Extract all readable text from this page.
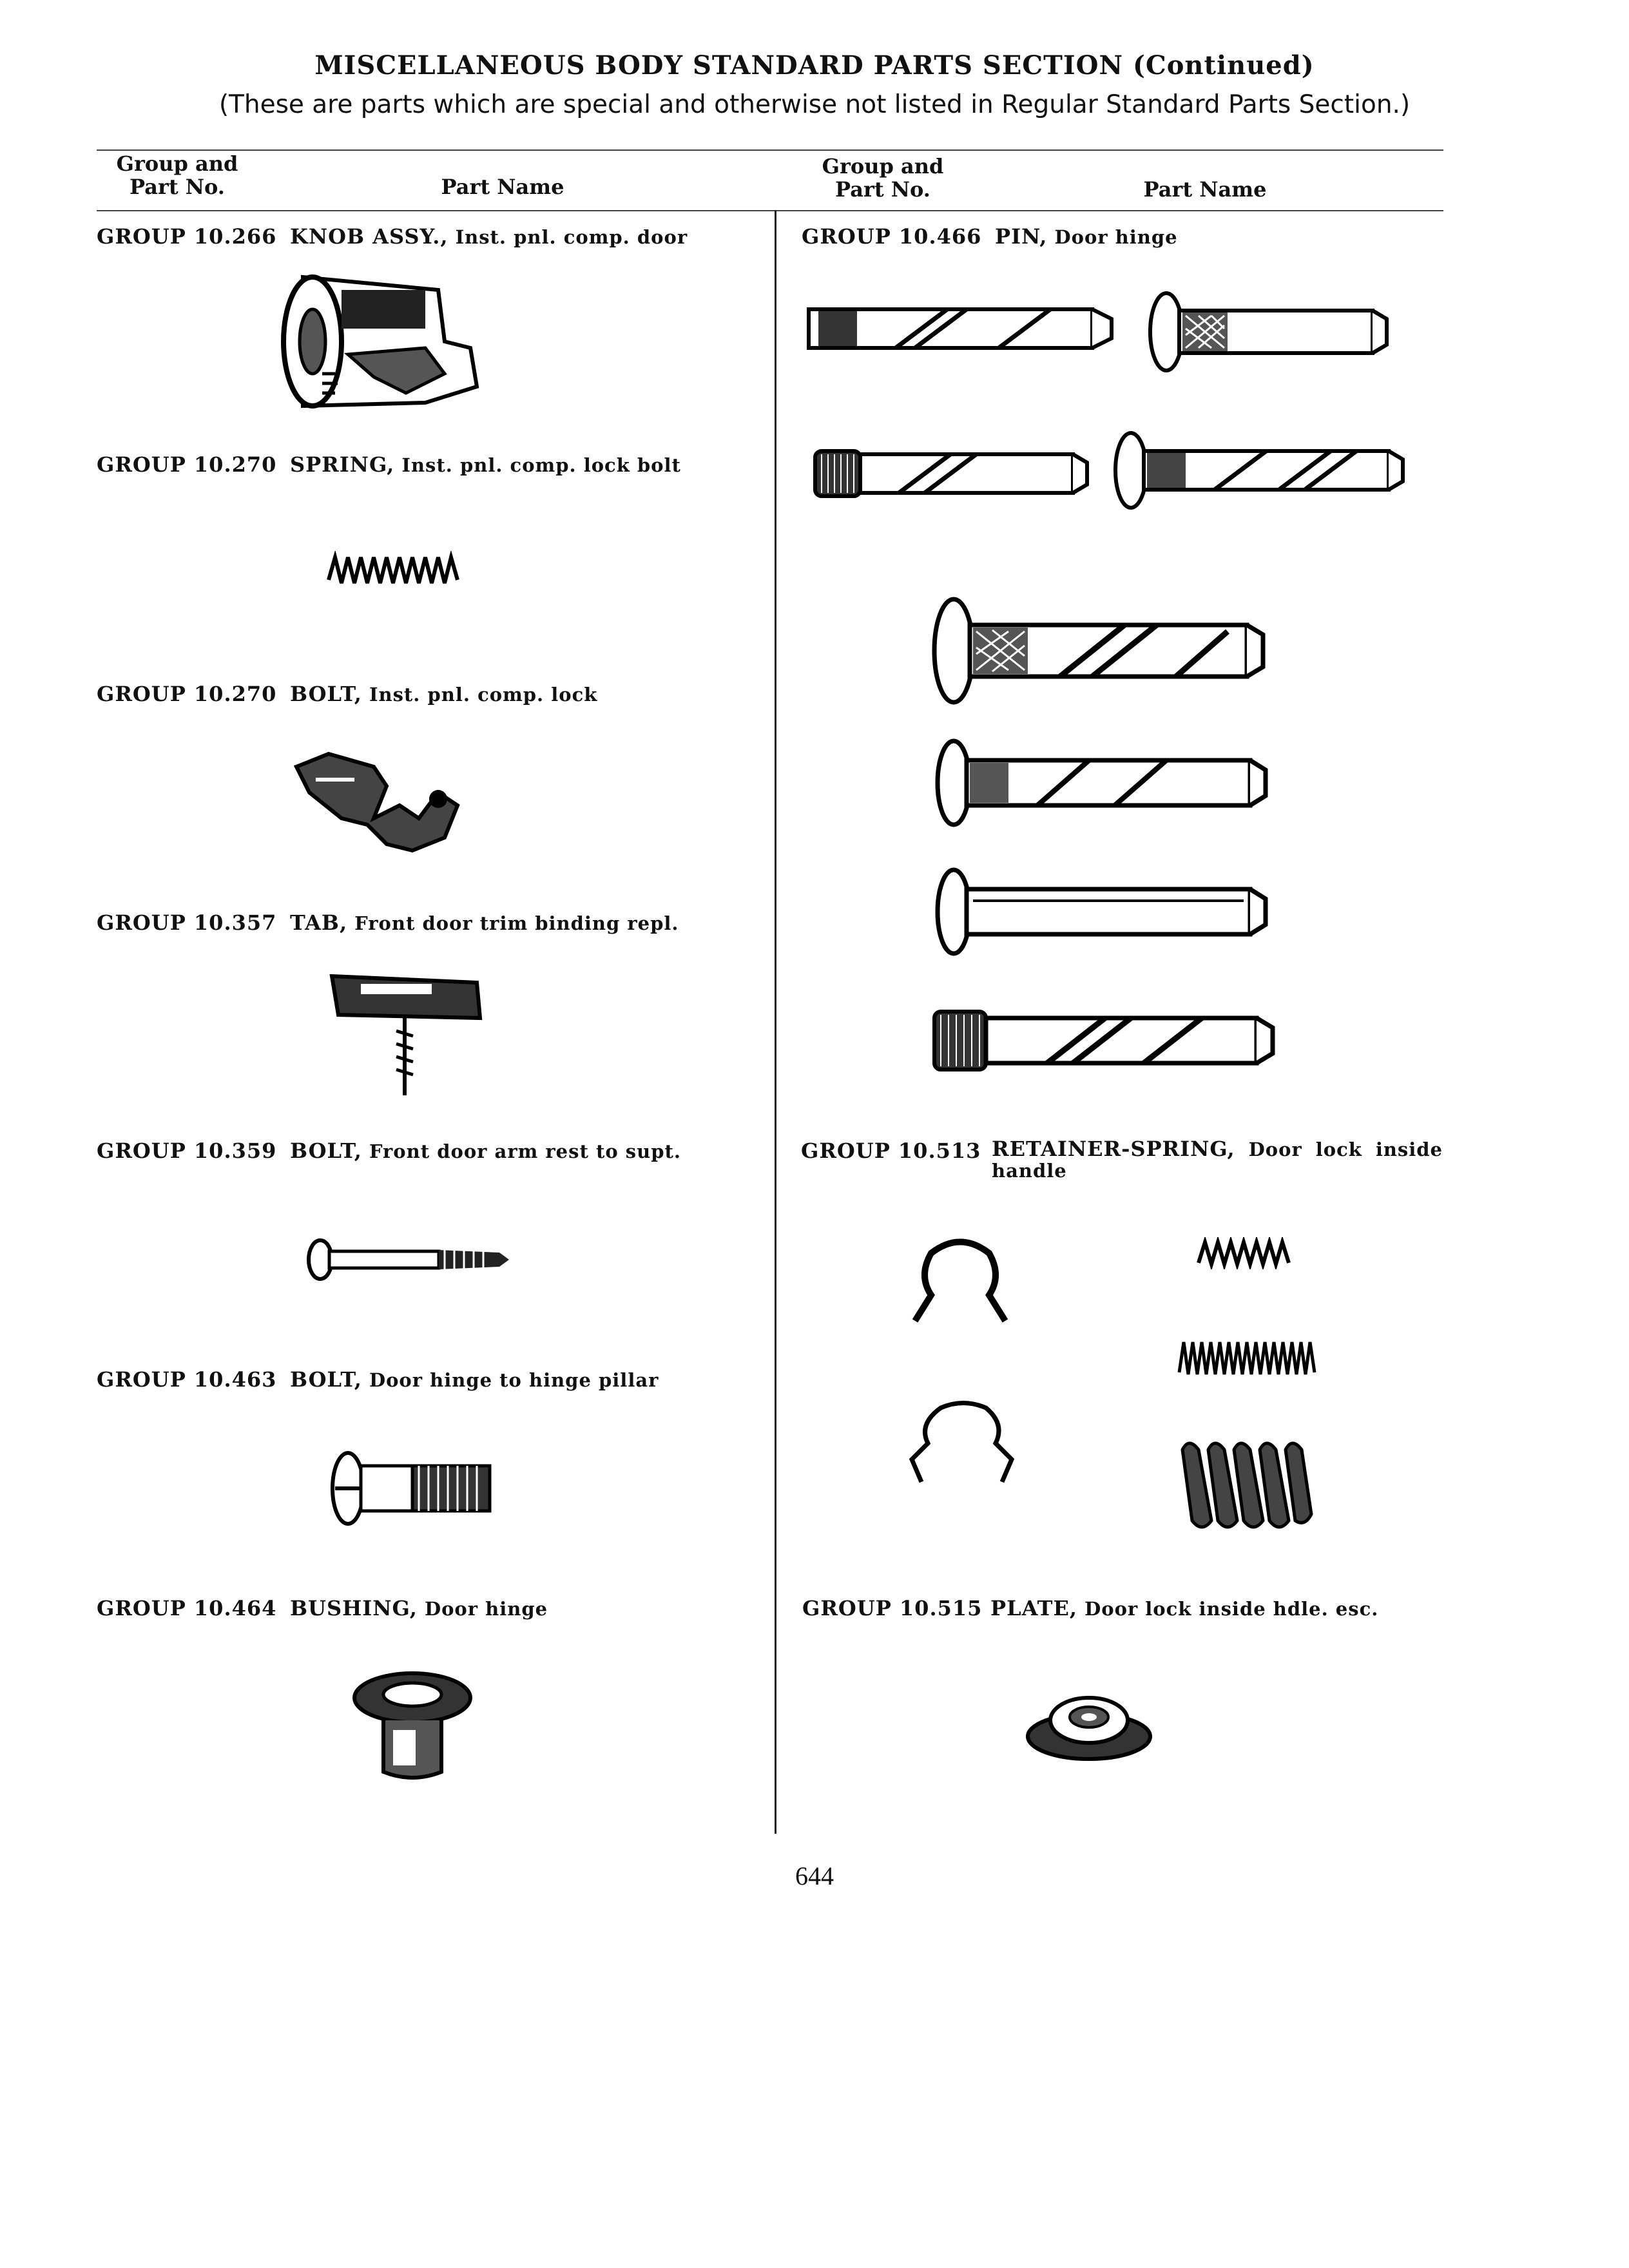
MISCELLANEOUS BODY STANDARD PARTS SECTION (Continued)
(These are parts which are special and otherwise not listed in Regular Standard Parts Section.)
Group and
Part No.	Part Name
Group and
Part No.	Part Name
GROUP 10.266 KNOB ASSY., Inst. pnl. comp. door
GROUP 10.270 SPRING, Inst. pnl. comp. lock bolt
GROUP 10.270 BOLT, Inst. pnl. comp. lock
GROUP 10.357 TAB, Front door trim binding repl.
GROUP 10.359 BOLT, Front door arm rest to supt.
GROUP 10.463 BOLT, Door hinge to hinge pillar
GROUP 10.464 BUSHING, Door hinge
GROUP 10.466 PIN, Door hinge
GROUP 10.513 RETAINER-SPRING, Door lock inside handle
GROUP 10.515 PLATE, Door lock inside hdle. esc.
644
